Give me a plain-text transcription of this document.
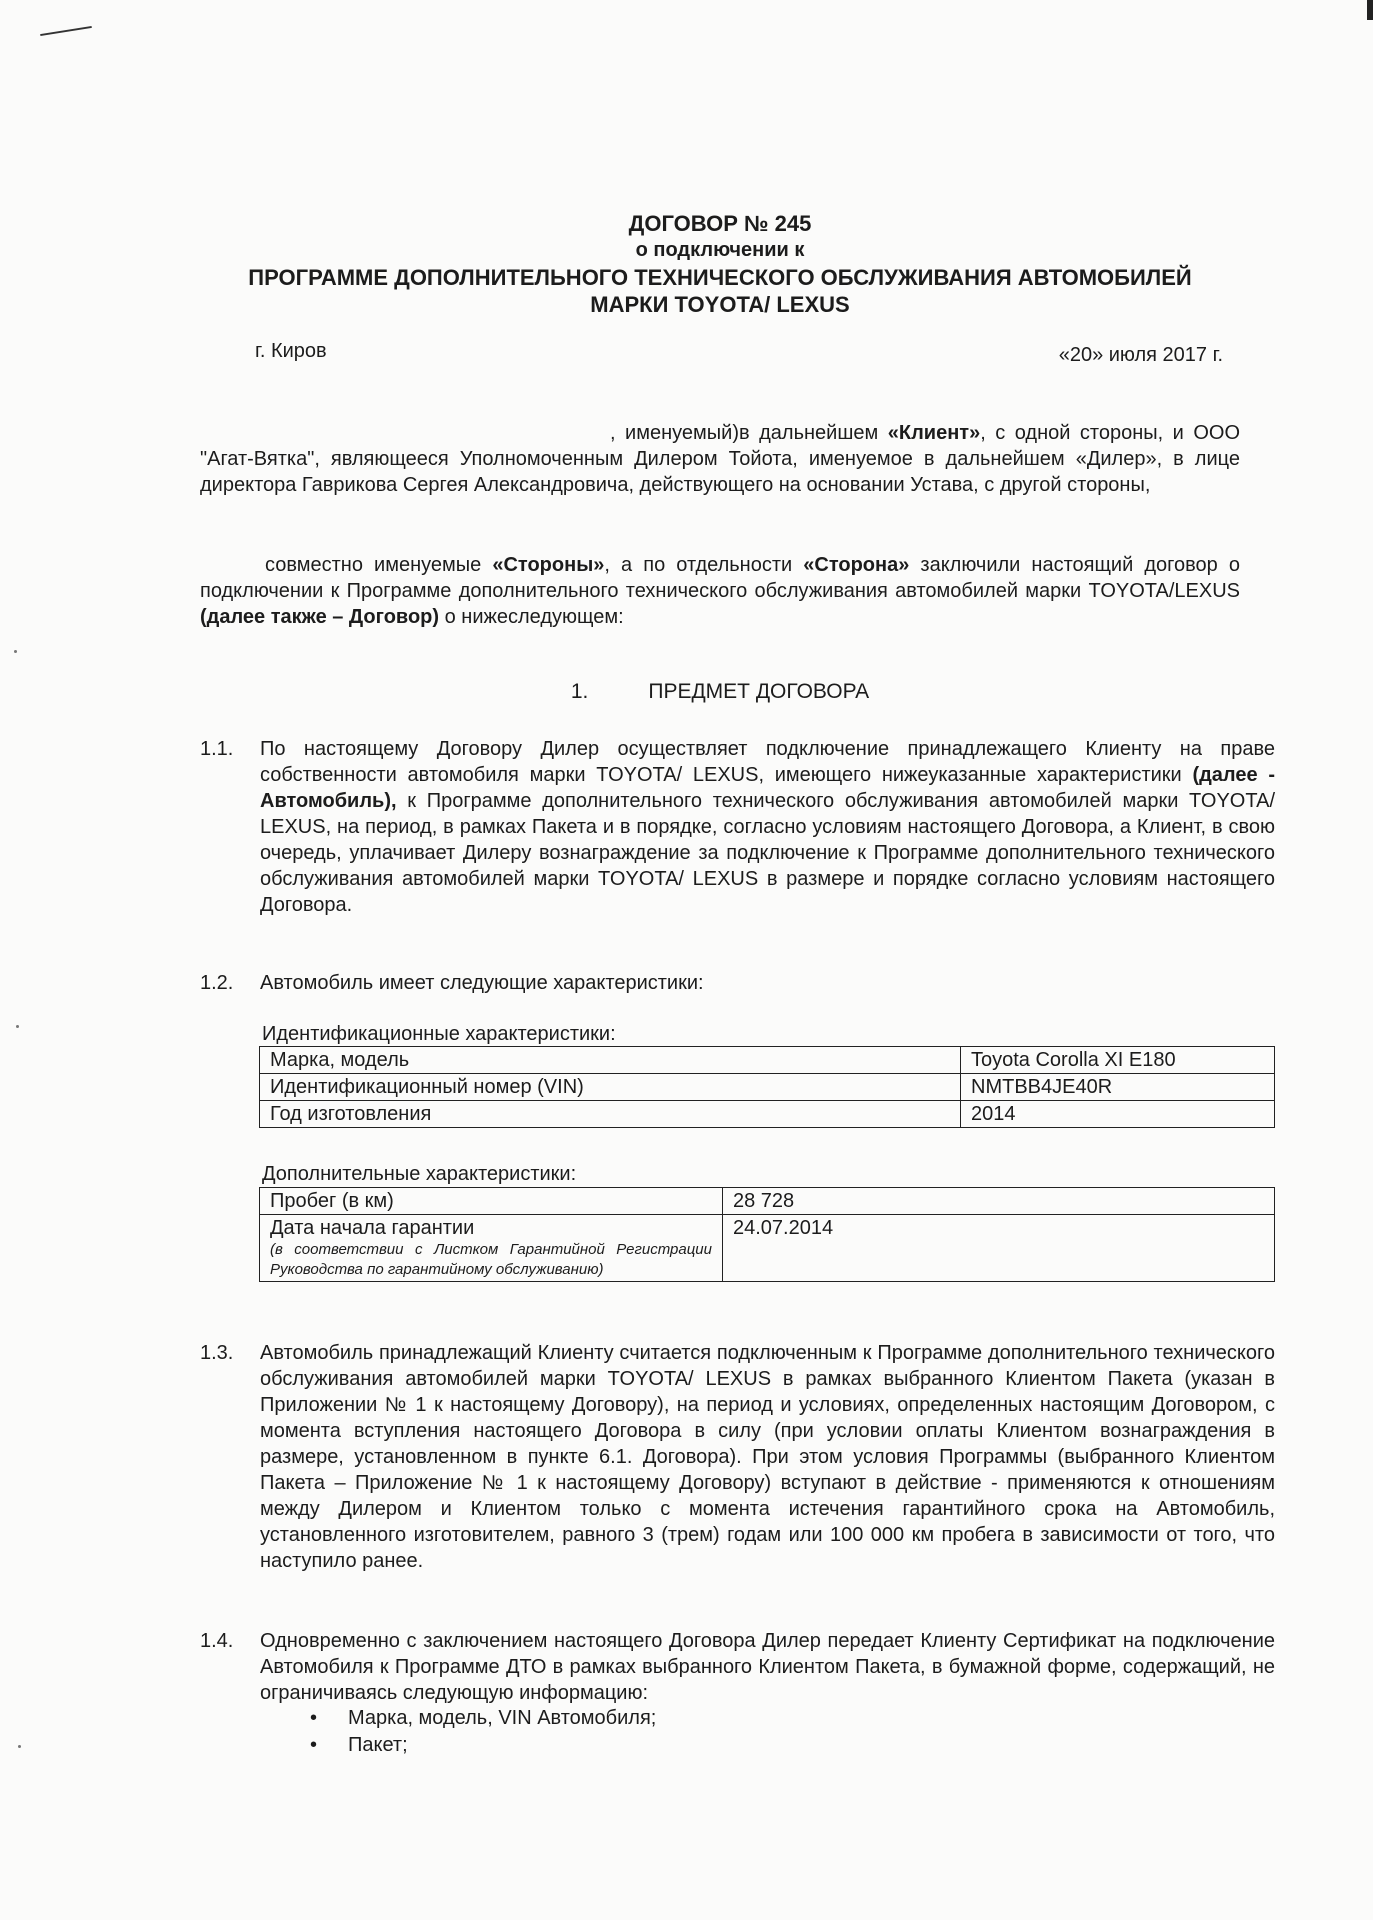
ДОГОВОР № 245
о подключении к
ПРОГРАММЕ ДОПОЛНИТЕЛЬНОГО ТЕХНИЧЕСКОГО ОБСЛУЖИВАНИЯ АВТОМОБИЛЕЙ
МАРКИ TOYOTA/ LEXUS
г. Киров	«20» июля 2017 г.
, именуемый)в дальнейшем «Клиент», с одной стороны, и ООО "Агат-Вятка", являющееся Уполномоченным Дилером Тойота, именуемое в дальнейшем «Дилер», в лице директора Гаврикова Сергея Александровича, действующего на основании Устава, с другой стороны,
совместно именуемые «Стороны», а по отдельности «Сторона» заключили настоящий договор о подключении к Программе дополнительного технического обслуживания автомобилей марки TOYOTA/LEXUS (далее также – Договор) о нижеследующем:
1.	ПРЕДМЕТ ДОГОВОРА
1.1. По настоящему Договору Дилер осуществляет подключение принадлежащего Клиенту на праве собственности автомобиля марки TOYOTA/ LEXUS, имеющего нижеуказанные характеристики (далее - Автомобиль), к Программе дополнительного технического обслуживания автомобилей марки TOYOTA/ LEXUS, на период, в рамках Пакета и в порядке, согласно условиям настоящего Договора, а Клиент, в свою очередь, уплачивает Дилеру вознаграждение за подключение к Программе дополнительного технического обслуживания автомобилей марки TOYOTA/ LEXUS в размере и порядке согласно условиям настоящего Договора.
1.2. Автомобиль имеет следующие характеристики:
Идентификационные характеристики:
Марка, модель	Toyota Corolla XI E180
Идентификационный номер (VIN)	NMTBB4JE40R
Год изготовления	2014
Дополнительные характеристики:
Пробег (в км)	28 728
Дата начала гарантии
(в соответствии с Листком Гарантийной Регистрации Руководства по гарантийному обслуживанию)	24.07.2014
1.3. Автомобиль принадлежащий Клиенту считается подключенным к Программе дополнительного технического обслуживания автомобилей марки TOYOTA/ LEXUS в рамках выбранного Клиентом Пакета (указан в Приложении № 1 к настоящему Договору), на период и условиях, определенных настоящим Договором, с момента вступления настоящего Договора в силу (при условии оплаты Клиентом вознаграждения в размере, установленном в пункте 6.1. Договора). При этом условия Программы (выбранного Клиентом Пакета – Приложение № 1 к настоящему Договору) вступают в действие - применяются к отношениям между Дилером и Клиентом только с момента истечения гарантийного срока на Автомобиль, установленного изготовителем, равного 3 (трем) годам или 100 000 км пробега в зависимости от того, что наступило ранее.
1.4. Одновременно с заключением настоящего Договора Дилер передает Клиенту Сертификат на подключение Автомобиля к Программе ДТО в рамках выбранного Клиентом Пакета, в бумажной форме, содержащий, не ограничиваясь следующую информацию:
• Марка, модель, VIN Автомобиля;
• Пакет;
